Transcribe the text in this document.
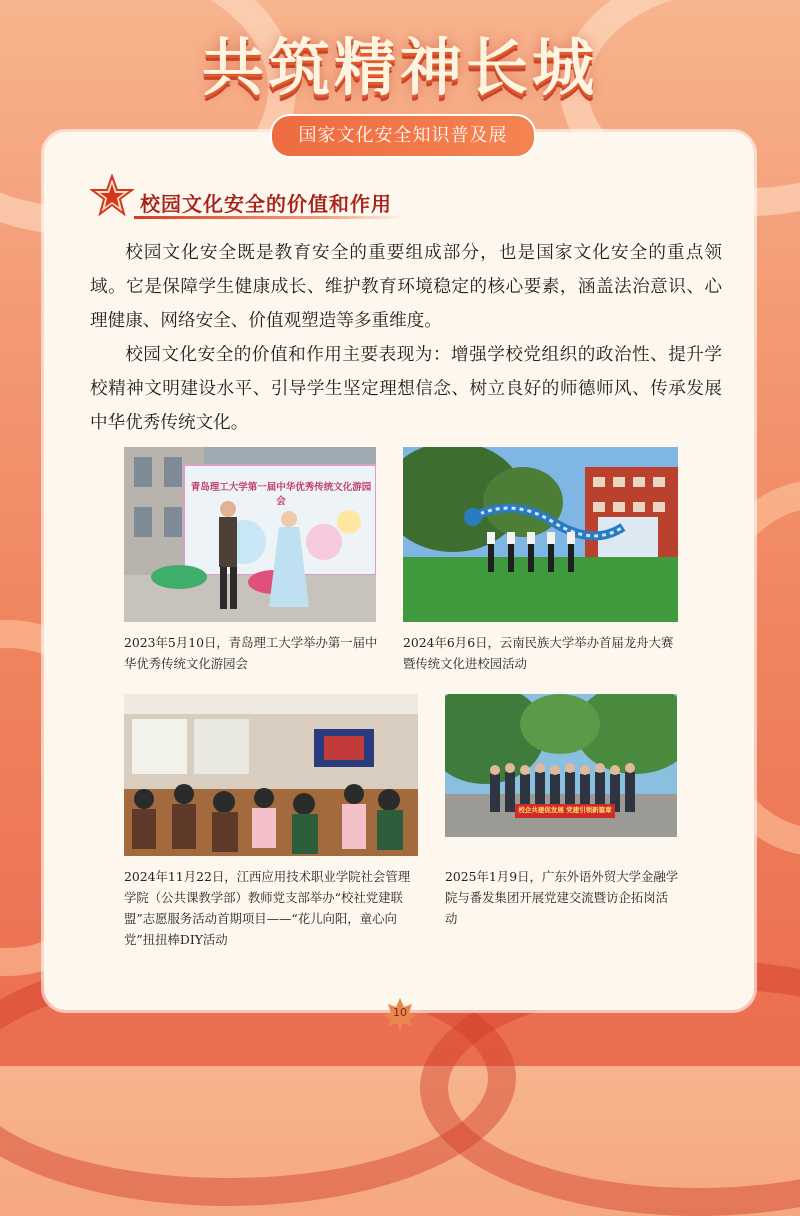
共筑精神长城
国家文化安全知识普及展
校园文化安全的价值和作用

校园文化安全既是教育安全的重要组成部分，也是国家文化安全的重点领域。它是保障学生健康成长、维护教育环境稳定的核心要素，涵盖法治意识、心理健康、网络安全、价值观塑造等多重维度。

校园文化安全的价值和作用主要表现为：增强学校党组织的政治性、提升学校精神文明建设水平、引导学生坚定理想信念、树立良好的师德师风、传承发展中华优秀传统文化。

青岛理工大学第一届中华优秀传统文化游园会

2023年5月10日，青岛理工大学举办第一届中华优秀传统文化游园会

2024年6月6日，云南民族大学举办首届龙舟大赛暨传统文化进校园活动

2024年11月22日，江西应用技术职业学院社会管理学院（公共课教学部）教师党支部举办“校社党建联盟”志愿服务活动首期项目——“花儿向阳，童心向党”扭扭棒DIY活动

校企共建促发展 党建引领新篇章

2025年1月9日，广东外语外贸大学金融学院与番发集团开展党建交流暨访企拓岗活动

10
